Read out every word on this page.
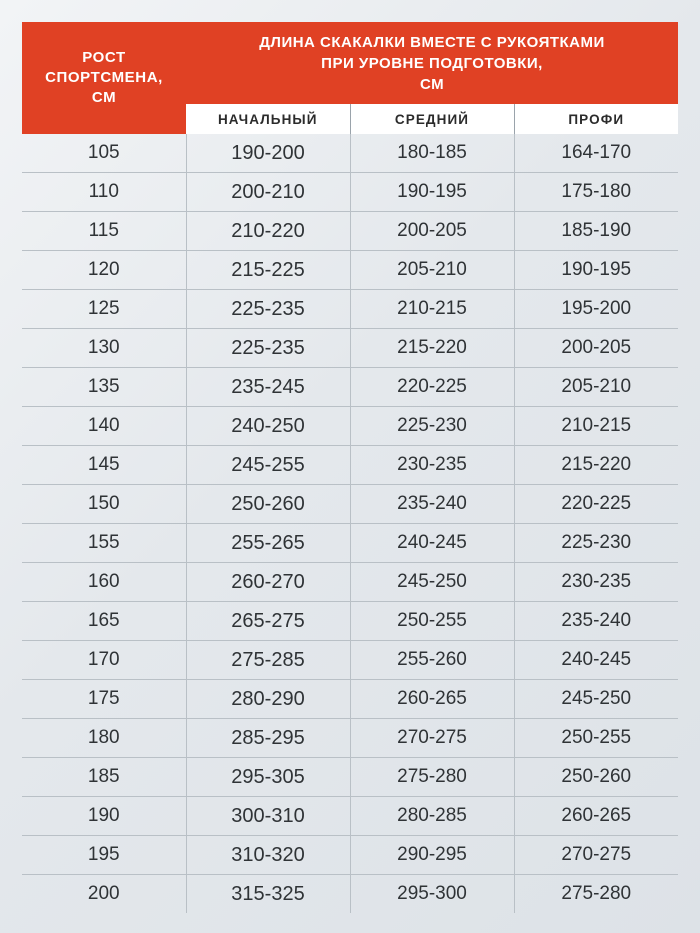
РОСТ
СПОРТСМЕНА,
СМ

ДЛИНА СКАКАЛКИ ВМЕСТЕ С РУКОЯТКАМИ
ПРИ УРОВНЕ ПОДГОТОВКИ,
СМ

	НАЧАЛЬНЫЙ	СРЕДНИЙ	ПРОФИ
105	190-200	180-185	164-170
110	200-210	190-195	175-180
115	210-220	200-205	185-190
120	215-225	205-210	190-195
125	225-235	210-215	195-200
130	225-235	215-220	200-205
135	235-245	220-225	205-210
140	240-250	225-230	210-215
145	245-255	230-235	215-220
150	250-260	235-240	220-225
155	255-265	240-245	225-230
160	260-270	245-250	230-235
165	265-275	250-255	235-240
170	275-285	255-260	240-245
175	280-290	260-265	245-250
180	285-295	270-275	250-255
185	295-305	275-280	250-260
190	300-310	280-285	260-265
195	310-320	290-295	270-275
200	315-325	295-300	275-280
